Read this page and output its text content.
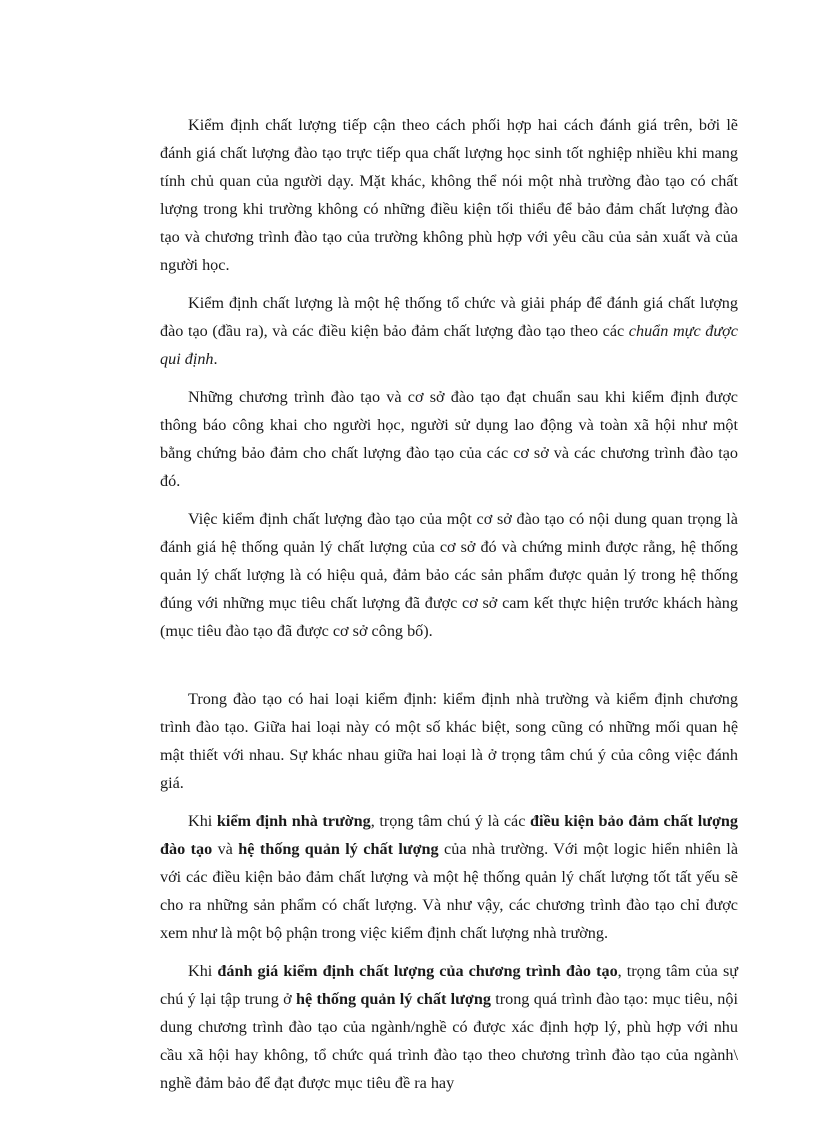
Kiểm định chất lượng tiếp cận theo cách phối hợp hai cách đánh giá trên, bởi lẽ đánh giá chất lượng đào tạo trực tiếp qua chất lượng học sinh tốt nghiệp nhiều khi mang tính chủ quan của người dạy. Mặt khác, không thể nói một nhà trường đào tạo có chất lượng trong khi trường không có những điều kiện tối thiểu để bảo đảm chất lượng đào tạo và chương trình đào tạo của trường không phù hợp với yêu cầu của sản xuất và của người học.

Kiểm định chất lượng là một hệ thống tổ chức và giải pháp để đánh giá chất lượng đào tạo (đầu ra), và các điều kiện bảo đảm chất lượng đào tạo theo các chuẩn mực được qui định.

Những chương trình đào tạo và cơ sở đào tạo đạt chuẩn sau khi kiểm định được thông báo công khai cho người học, người sử dụng lao động và toàn xã hội như một bằng chứng bảo đảm cho chất lượng đào tạo của các cơ sở và các chương trình đào tạo đó.

Việc kiểm định chất lượng đào tạo của một cơ sở đào tạo có nội dung quan trọng là đánh giá hệ thống quản lý chất lượng của cơ sở đó và chứng minh được rằng, hệ thống quản lý chất lượng là có hiệu quả, đảm bảo các sản phẩm được quản lý trong hệ thống đúng với những mục tiêu chất lượng đã được cơ sở cam kết thực hiện trước khách hàng (mục tiêu đào tạo đã được cơ sở công bố).

Trong đào tạo có hai loại kiểm định: kiểm định nhà trường và kiểm định chương trình đào tạo. Giữa hai loại này có một số khác biệt, song cũng có những mối quan hệ mật thiết với nhau. Sự khác nhau giữa hai loại là ở trọng tâm chú ý của công việc đánh giá.

Khi kiểm định nhà trường, trọng tâm chú ý là các điều kiện bảo đảm chất lượng đào tạo và hệ thống quản lý chất lượng của nhà trường. Với một logic hiển nhiên là với các điều kiện bảo đảm chất lượng và một hệ thống quản lý chất lượng tốt tất yếu sẽ cho ra những sản phẩm có chất lượng. Và như vậy, các chương trình đào tạo chỉ được xem như là một bộ phận trong việc kiểm định chất lượng nhà trường.

Khi đánh giá kiểm định chất lượng của chương trình đào tạo, trọng tâm của sự chú ý lại tập trung ở hệ thống quản lý chất lượng trong quá trình đào tạo: mục tiêu, nội dung chương trình đào tạo của ngành/nghề có được xác định hợp lý, phù hợp với nhu cầu xã hội hay không, tổ chức quá trình đào tạo theo chương trình đào tạo của ngành\ nghề đảm bảo để đạt được mục tiêu đề ra hay
